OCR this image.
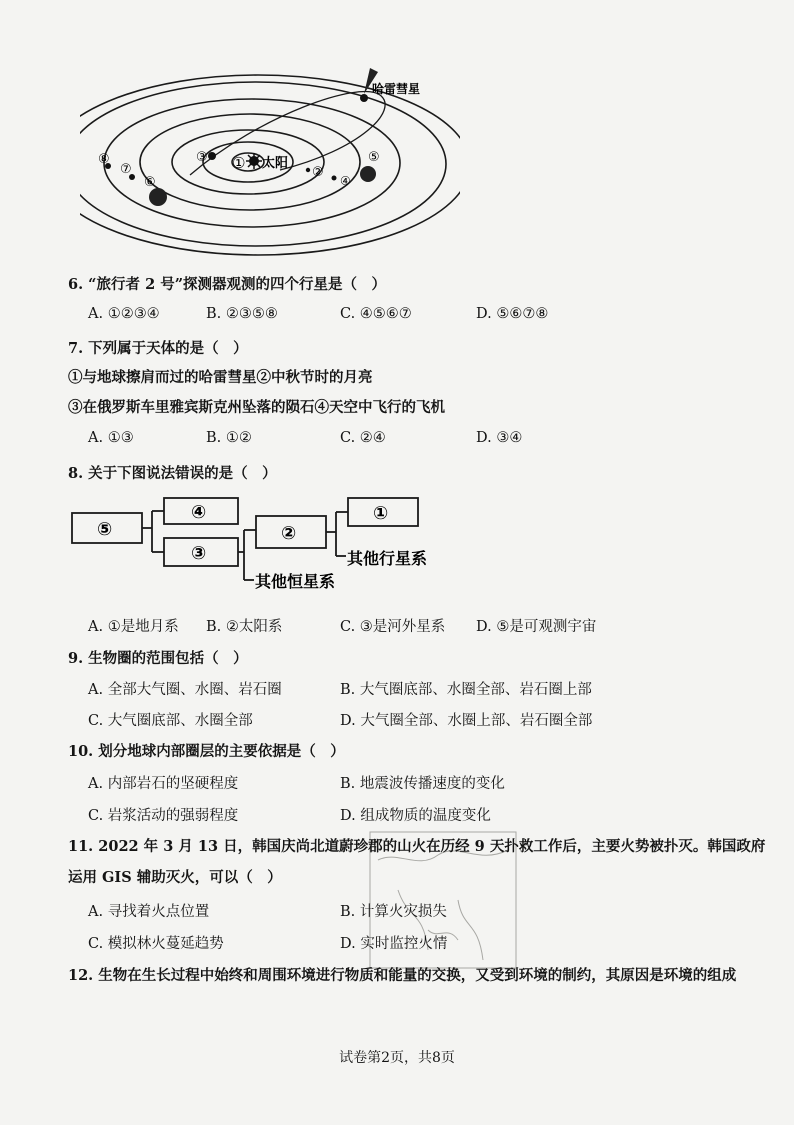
太阳
①
②
③
④
⑤
⑥
⑦
⑧
哈雷彗星
6. “旅行者 2 号”探测器观测的四个行星是（　）
A. ①②③④	B. ②③⑤⑧	C. ④⑤⑥⑦	D. ⑤⑥⑦⑧
7. 下列属于天体的是（　）
①与地球擦肩而过的哈雷彗星②中秋节时的月亮
③在俄罗斯车里雅宾斯克州坠落的陨石④天空中飞行的飞机
A. ①③	B. ①②	C. ②④	D. ③④
8. 关于下图说法错误的是（　）
⑤
④
③
②
①
其他行星系
其他恒星系
A. ①是地月系 B. ②太阳系	C. ③是河外星系 D. ⑤是可观测宇宙
9. 生物圈的范围包括（　）
A. 全部大气圈、水圈、岩石圈	B. 大气圈底部、水圈全部、岩石圈上部
C. 大气圈底部、水圈全部	D. 大气圈全部、水圈上部、岩石圈全部
10. 划分地球内部圈层的主要依据是（　）
A. 内部岩石的坚硬程度	B. 地震波传播速度的变化
C. 岩浆活动的强弱程度	D. 组成物质的温度变化
11. 2022 年 3 月 13 日，韩国庆尚北道蔚珍郡的山火在历经 9 天扑救工作后，主要火势被扑灭。韩国政府
运用 GIS 辅助灭火，可以（　）
A. 寻找着火点位置	B. 计算火灾损失
C. 模拟林火蔓延趋势	D. 实时监控火情
12. 生物在生长过程中始终和周围环境进行物质和能量的交换，又受到环境的制约，其原因是环境的组成
试卷第2页，共8页
